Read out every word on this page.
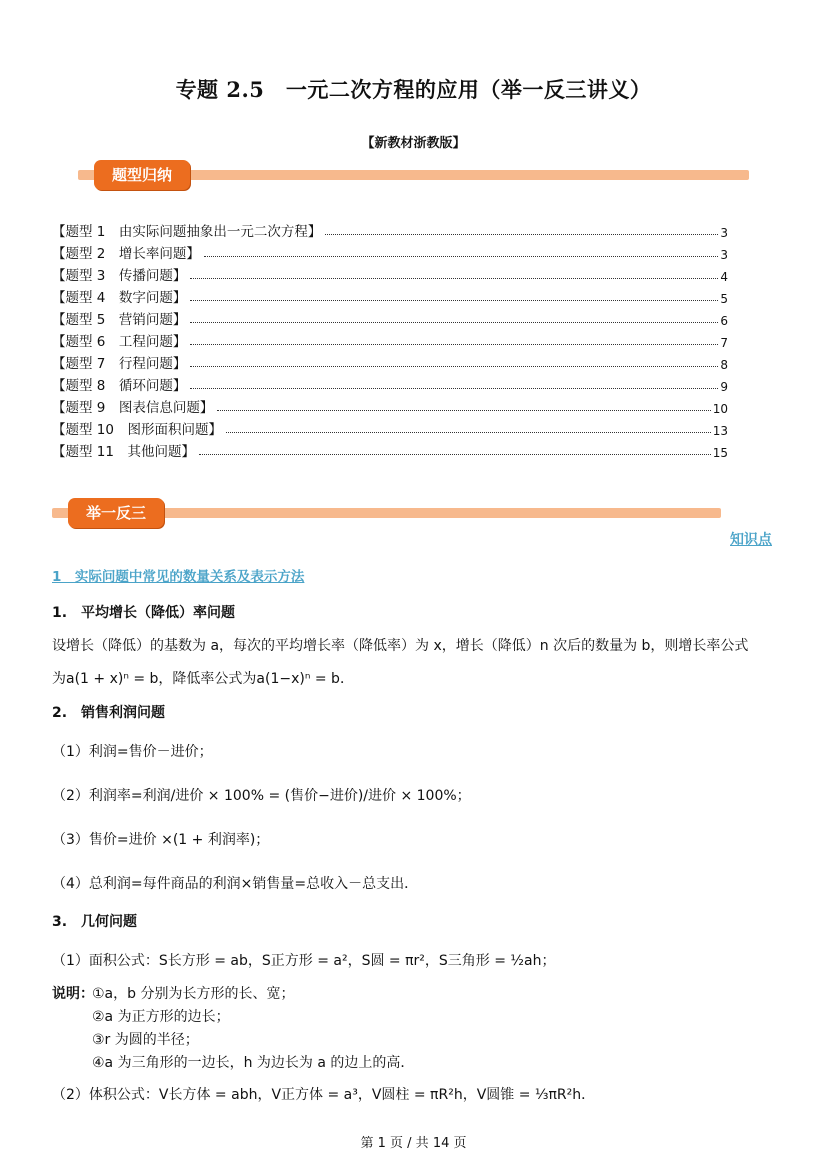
专题 2.5　一元二次方程的应用（举一反三讲义）
【新教材浙教版】
题型归纳
【题型 1　由实际问题抽象出一元二次方程】	3
【题型 2　增长率问题】	3
【题型 3　传播问题】	4
【题型 4　数字问题】	5
【题型 5　营销问题】	6
【题型 6　工程问题】	7
【题型 7　行程问题】	8
【题型 8　循环问题】	9
【题型 9　图表信息问题】	10
【题型 10　图形面积问题】	13
【题型 11　其他问题】	15
举一反三
知识点
1　实际问题中常见的数量关系及表示方法
1.　平均增长（降低）率问题
设增长（降低）的基数为 a，每次的平均增长率（降低率）为 x，增长（降低）n 次后的数量为 b，则增长率公式
为a(1 + x)ⁿ = b，降低率公式为a(1−x)ⁿ = b．
2.　销售利润问题
（1）利润=售价－进价；
（2）利润率=利润/进价 × 100% = (售价−进价)/进价 × 100%；
（3）售价=进价 ×(1 + 利润率)；
（4）总利润=每件商品的利润×销售量=总收入－总支出．
3.　几何问题
（1）面积公式：S长方形 = ab，S正方形 = a²，S圆 = πr²，S三角形 = ½ah；
说明：
①a，b 分别为长方形的长、宽；
②a 为正方形的边长；
③r 为圆的半径；
④a 为三角形的一边长，h 为边长为 a 的边上的高．
（2）体积公式：V长方体 = abh，V正方体 = a³，V圆柱 = πR²h，V圆锥 = ⅓πR²h．
第 1 页 / 共 14 页
